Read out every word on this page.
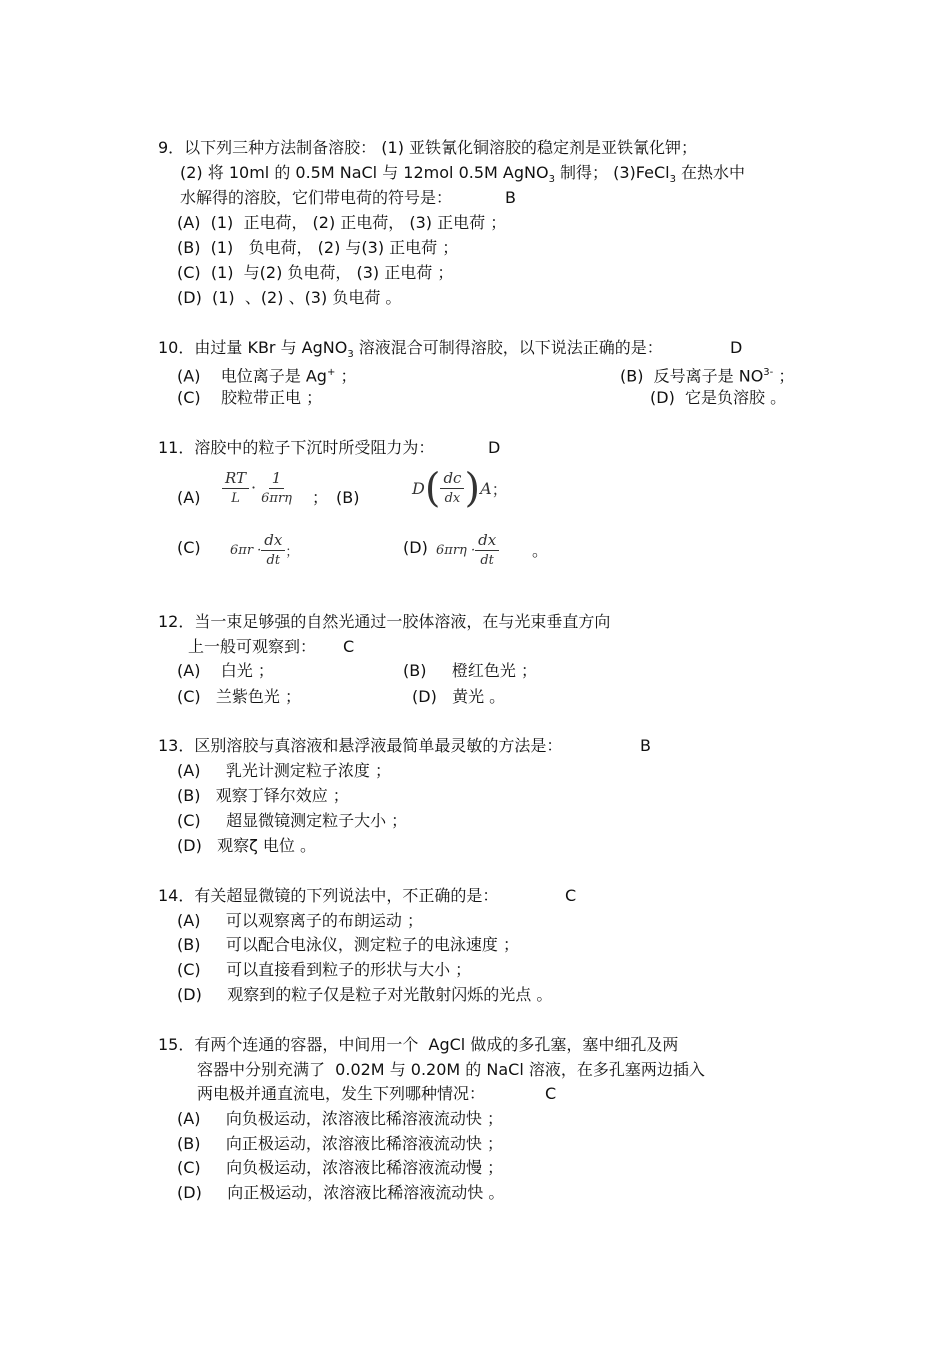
9．以下列三种方法制备溶胶： (1) 亚铁氰化铜溶胶的稳定剂是亚铁氰化钾；
(2) 将 10ml 的 0.5M NaCl 与 12mol 0.5M AgNO$_3$ 制得； (3)FeCl$_3$ 在热水中
水解得的溶胶，它们带电荷的符号是：	B
(A)  (1)  正电荷， (2) 正电荷， (3) 正电荷 ；
(B)  (1)   负电荷， (2) 与(3) 正电荷 ；
(C)  (1)  与(2) 负电荷， (3) 正电荷 ；
(D)  (1)  、(2) 、(3) 负电荷 。
10．由过量 KBr 与 AgNO$_3$ 溶液混合可制得溶胶，以下说法正确的是：	D
(A)    电位离子是 Ag+ ；	(B)  反号离子是 $NO^{3-}$ ；
(C)    胶粒带正电 ；	(D)  它是负溶胶 。
11．溶胶中的粒子下沉时所受阻力为：	D
$(A) \frac{RT}{L} \cdot \frac{1}{\text{6πrη}}$ ； (B)	$D( \frac{dc}{dx} )A$；
(C) $6\pi r \cdot \frac{dx}{dt}$ ；	(D) $6\pi r\eta \cdot \frac{dx}{dt}$ 。
12．当一束足够强的自然光通过一胶体溶液，在与光束垂直方向
上一般可观察到： C
(A)    白光 ；	(B)     橙红色光 ；
(C)   兰紫色光 ；	(D)   黄光 。
13．区别溶胶与真溶液和悬浮液最简单最灵敏的方法是：	B
(A)     乳光计测定粒子浓度 ；
(B)   观察丁铎尔效应 ；
(C)     超显微镜测定粒子大小 ；
(D)   观察ζ 电位 。
14．有关超显微镜的下列说法中，不正确的是：	C
(A)     可以观察离子的布朗运动 ；
(B)     可以配合电泳仪，测定粒子的电泳速度 ；
(C)     可以直接看到粒子的形状与大小 ；
(D)     观察到的粒子仅是粒子对光散射闪烁的光点 。
15．有两个连通的容器，中间用一个  AgCl 做成的多孔塞，塞中细孔及两
容器中分别充满了  0.02M 与 0.20M 的 NaCl 溶液，在多孔塞两边插入
两电极并通直流电，发生下列哪种情况：	C
(A)     向负极运动，浓溶液比稀溶液流动快 ；
(B)     向正极运动，浓溶液比稀溶液流动快 ；
(C)     向负极运动，浓溶液比稀溶液流动慢 ；
(D)     向正极运动，浓溶液比稀溶液流动快 。
